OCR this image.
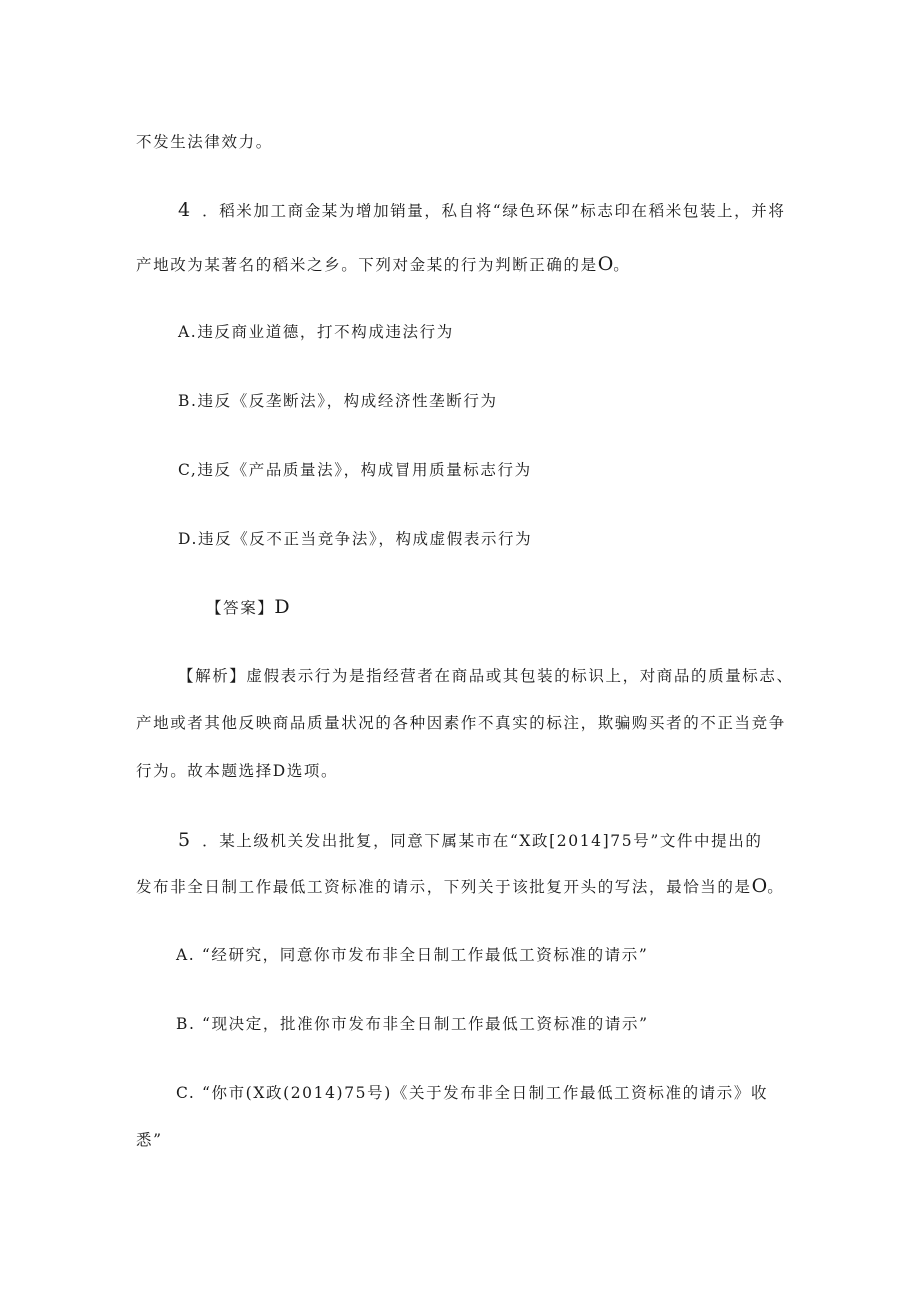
不发生法律效力。
4 ．稻米加工商金某为增加销量，私自将“绿色环保”标志印在稻米包装上，并将
产地改为某著名的稻米之乡。下列对金某的行为判断正确的是O。
A.违反商业道德，打不构成违法行为
B.违反《反垄断法》，构成经济性垄断行为
C,违反《产品质量法》，构成冒用质量标志行为
D.违反《反不正当竞争法》，构成虚假表示行为
【答案】D
【解析】虚假表示行为是指经营者在商品或其包装的标识上，对商品的质量标志、
产地或者其他反映商品质量状况的各种因素作不真实的标注，欺骗购买者的不正当竞争
行为。故本题选择D选项。
5 ．某上级机关发出批复，同意下属某市在“X政[2014]75号”文件中提出的
发布非全日制工作最低工资标准的请示，下列关于该批复开头的写法，最恰当的是O。
A. “经研究，同意你市发布非全日制工作最低工资标准的请示”
B. “现决定，批准你市发布非全日制工作最低工资标准的请示”
C. “你市(X政(2014)75号)《关于发布非全日制工作最低工资标准的请示》收
悉”
